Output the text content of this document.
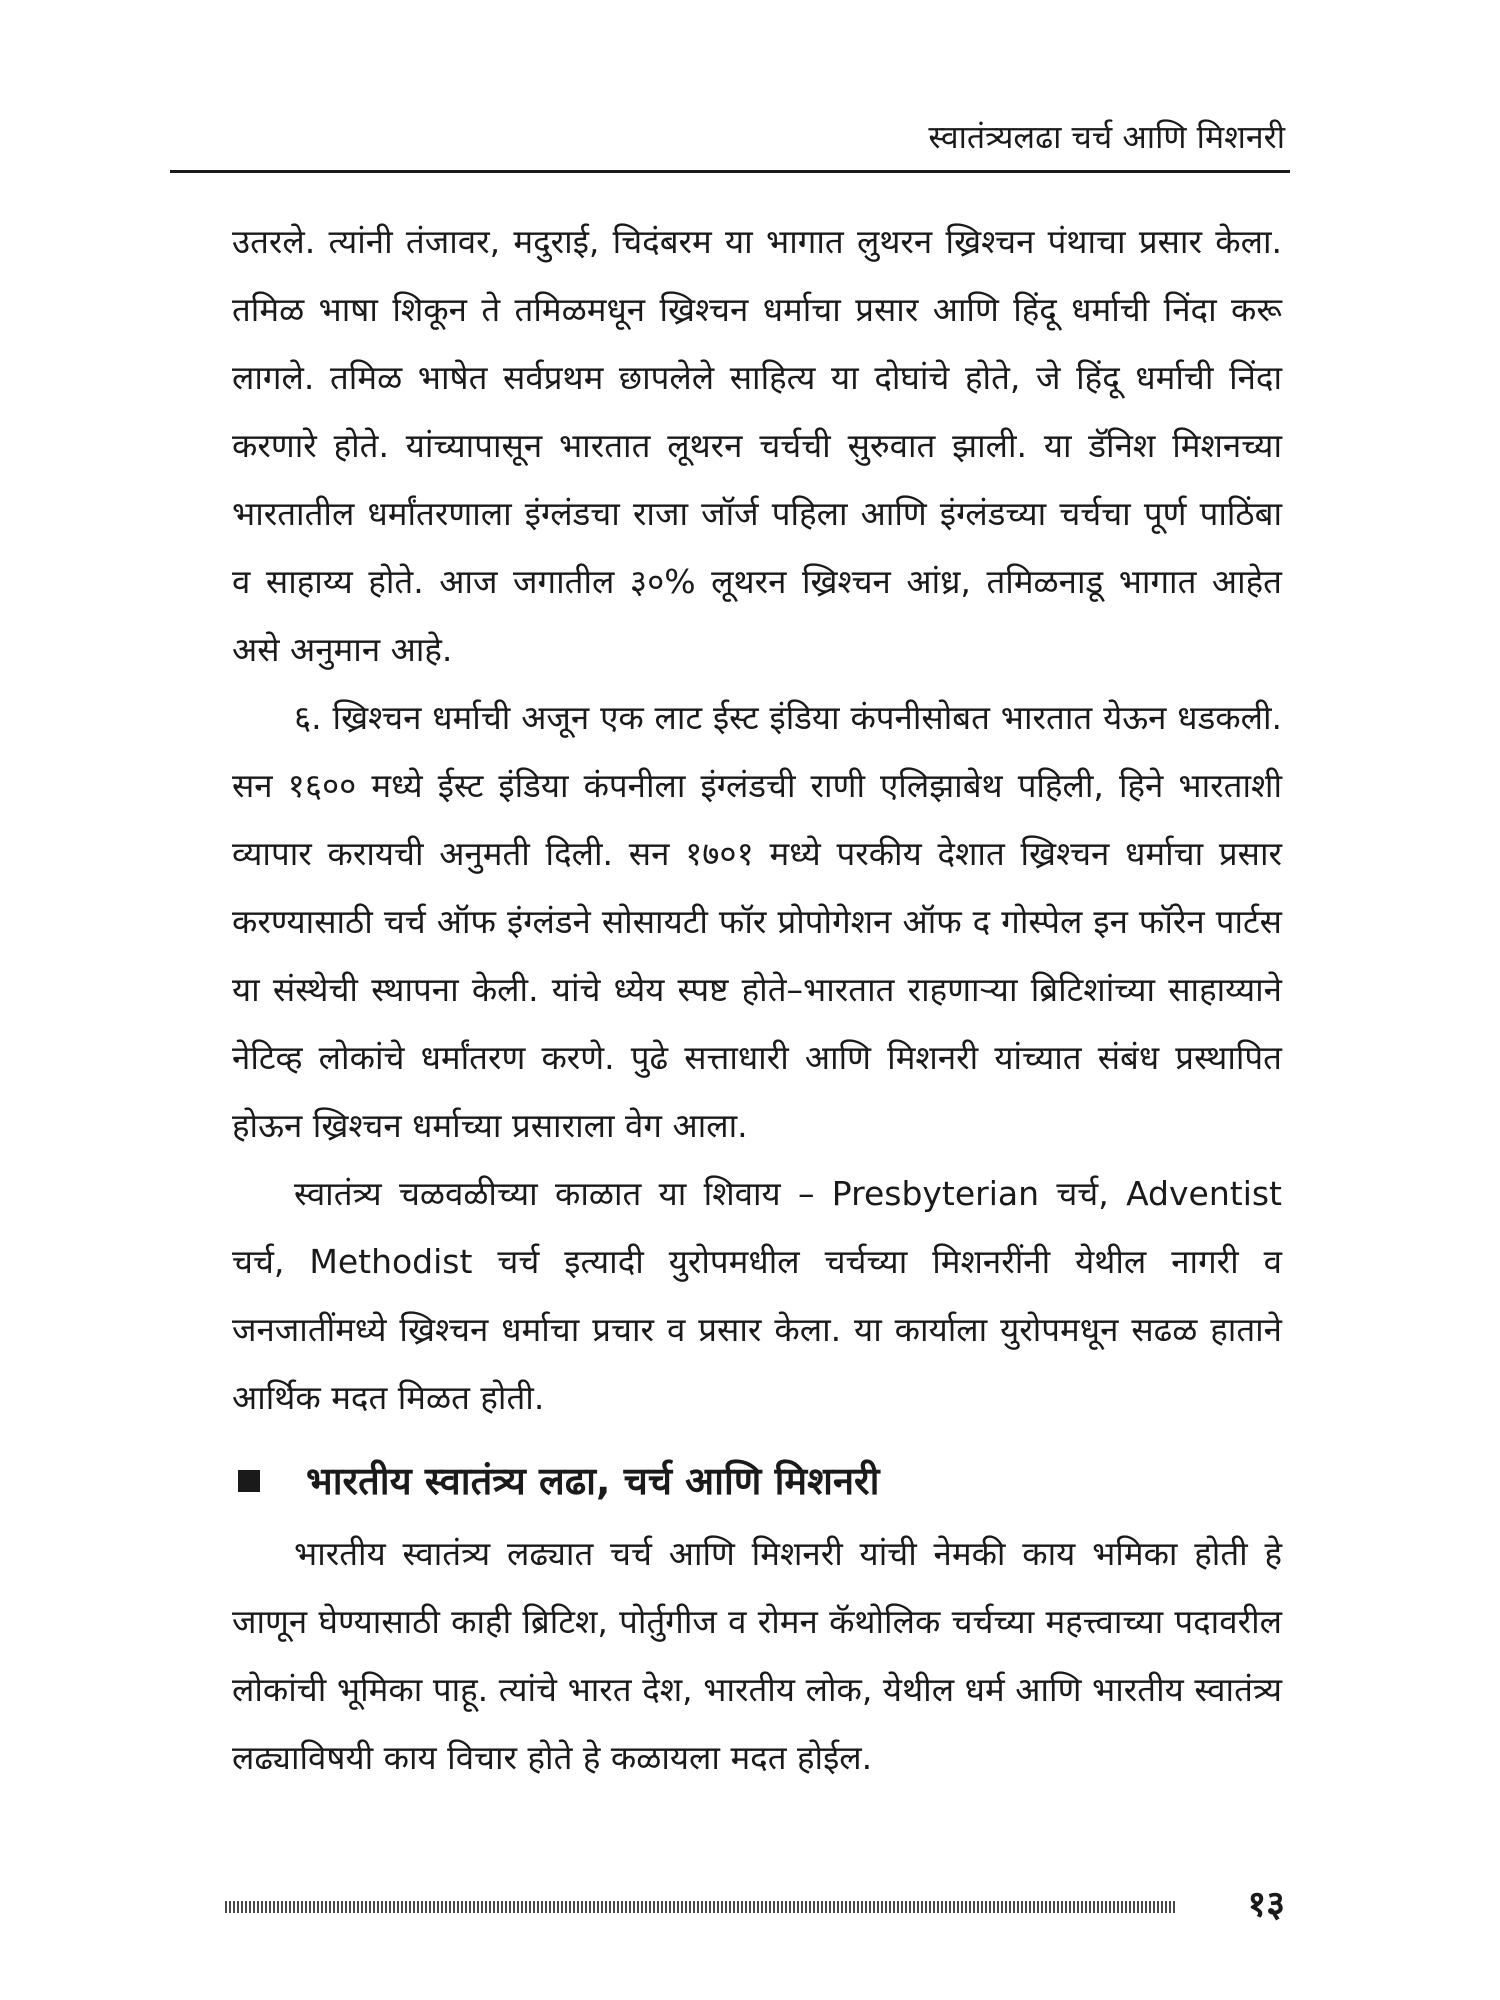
स्वातंत्र्यलढा चर्च आणि मिशनरी

उतरले. त्यांनी तंजावर, मदुराई, चिदंबरम या भागात लुथरन ख्रिश्चन पंथाचा प्रसार केला. तमिळ भाषा शिकून ते तमिळमधून ख्रिश्चन धर्माचा प्रसार आणि हिंदू धर्माची निंदा करू लागले. तमिळ भाषेत सर्वप्रथम छापलेले साहित्य या दोघांचे होते, जे हिंदू धर्माची निंदा करणारे होते. यांच्यापासून भारतात लूथरन चर्चची सुरुवात झाली. या डॅनिश मिशनच्या भारतातील धर्मांतरणाला इंग्लंडचा राजा जॉर्ज पहिला आणि इंग्लंडच्या चर्चचा पूर्ण पाठिंबा व साहाय्य होते. आज जगातील ३०% लूथरन ख्रिश्चन आंध्र, तमिळनाडू भागात आहेत असे अनुमान आहे.

६. ख्रिश्चन धर्माची अजून एक लाट ईस्ट इंडिया कंपनीसोबत भारतात येऊन धडकली. सन १६०० मध्ये ईस्ट इंडिया कंपनीला इंग्लंडची राणी एलिझाबेथ पहिली, हिने भारताशी व्यापार करायची अनुमती दिली. सन १७०१ मध्ये परकीय देशात ख्रिश्चन धर्माचा प्रसार करण्यासाठी चर्च ऑफ इंग्लंडने सोसायटी फॉर प्रोपोगेशन ऑफ द गोस्पेल इन फॉरेन पार्टस या संस्थेची स्थापना केली. यांचे ध्येय स्पष्ट होते–भारतात राहणाऱ्या ब्रिटिशांच्या साहाय्याने नेटिव्ह लोकांचे धर्मांतरण करणे. पुढे सत्ताधारी आणि मिशनरी यांच्यात संबंध प्रस्थापित होऊन ख्रिश्चन धर्माच्या प्रसाराला वेग आला.

स्वातंत्र्य चळवळीच्या काळात या शिवाय – Presbyterian चर्च, Adventist चर्च, Methodist चर्च इत्यादी युरोपमधील चर्चच्या मिशनरींनी येथील नागरी व जनजातींमध्ये ख्रिश्चन धर्माचा प्रचार व प्रसार केला. या कार्याला युरोपमधून सढळ हाताने आर्थिक मदत मिळत होती.

भारतीय स्वातंत्र्य लढा, चर्च आणि मिशनरी

भारतीय स्वातंत्र्य लढ्यात चर्च आणि मिशनरी यांची नेमकी काय भमिका होती हे जाणून घेण्यासाठी काही ब्रिटिश, पोर्तुगीज व रोमन कॅथोलिक चर्चच्या महत्त्वाच्या पदावरील लोकांची भूमिका पाहू. त्यांचे भारत देश, भारतीय लोक, येथील धर्म आणि भारतीय स्वातंत्र्य लढ्याविषयी काय विचार होते हे कळायला मदत होईल.

१३
